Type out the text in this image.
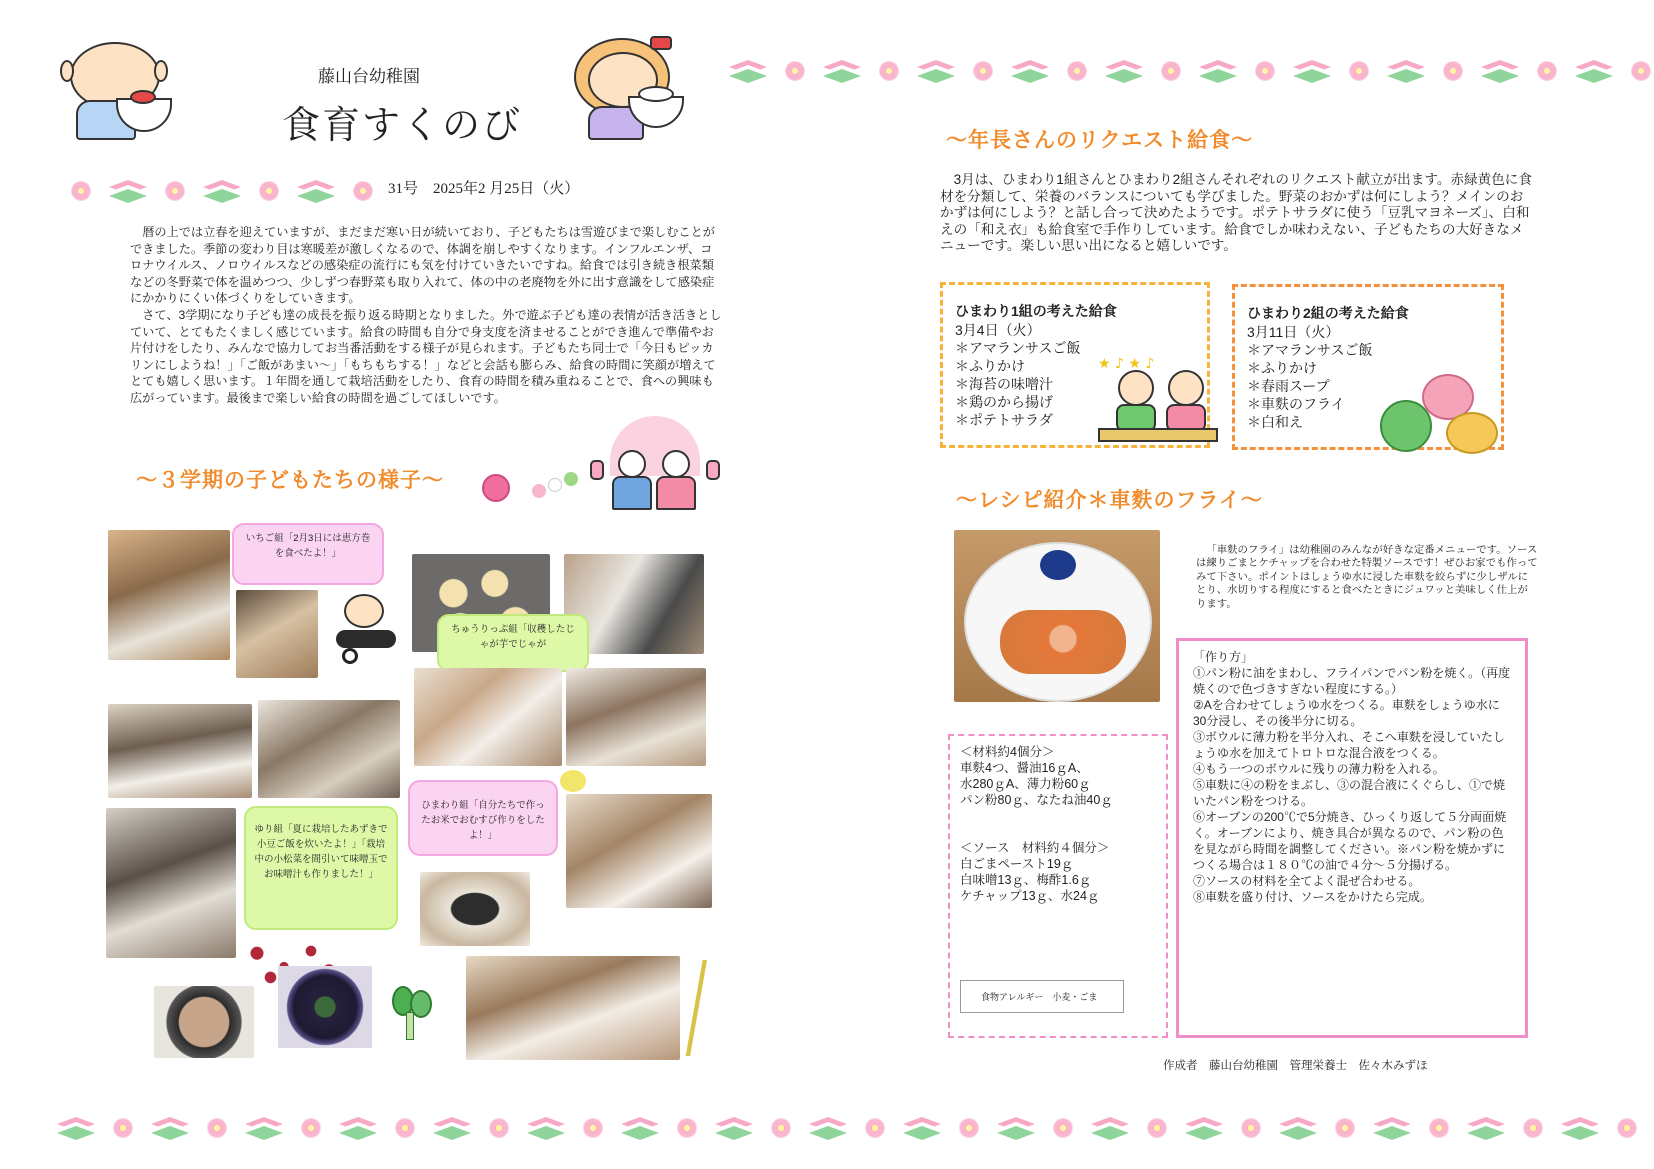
藤山台幼稚園
食育すくのび
31号　2025年2 月25日（火）

暦の上では立春を迎えていますが、まだまだ寒い日が続いており、子どもたちは雪遊びまで楽しむことができました。季節の変わり目は寒暖差が激しくなるので、体調を崩しやすくなります。インフルエンザ、コロナウイルス、ノロウイルスなどの感染症の流行にも気を付けていきたいですね。給食では引き続き根菜類などの冬野菜で体を温めつつ、少しずつ春野菜も取り入れて、体の中の老廃物を外に出す意識をして感染症にかかりにくい体づくりをしていきます。

さて、3学期になり子ども達の成長を振り返る時期となりました。外で遊ぶ子ども達の表情が活き活きとしていて、とてもたくましく感じています。給食の時間も自分で身支度を済ませることができ進んで準備やお片付けをしたり、みんなで協力してお当番活動をする様子が見られます。子どもたち同士で「今日もピッカリンにしようね！」「ご飯があまい〜」「もちもちする！」などと会話も膨らみ、給食の時間に笑顔が増えてとても嬉しく思います。１年間を通して栽培活動をしたり、食育の時間を積み重ねることで、食への興味も広がっています。最後まで楽しい給食の時間を過ごしてほしいです。

〜３学期の子どもたちの様子〜
いちご組「2月3日には恵方巻を食べたよ！」
ちゅうりっぷ組「収穫したじゃが芋でじゃが
ひまわり組「自分たちで作ったお米でおむすび作りをしたよ！」
ゆり組「夏に栽培したあずきで小豆ご飯を炊いたよ！」「栽培中の小松菜を間引いて味噌玉でお味噌汁も作りました！」
〜年長さんのリクエスト給食〜
3月は、ひまわり1組さんとひまわり2組さんそれぞれのリクエスト献立が出ます。赤緑黄色に食材を分類して、栄養のバランスについても学びました。野菜のおかずは何にしよう？メインのおかずは何にしよう？と話し合って決めたようです。ポテトサラダに使う「豆乳マヨネーズ」、白和えの「和え衣」も給食室で手作りしています。給食でしか味わえない、子どもたちの大好きなメニューです。楽しい思い出になると嬉しいです。
ひまわり1組の考えた給食
3月4日（火）
＊アマランサスご飯
＊ふりかけ
＊海苔の味噌汁
＊鶏のから揚げ
＊ポテトサラダ
★ ♪ ★ ♪
ひまわり2組の考えた給食
3月11日（火）
＊アマランサスご飯
＊ふりかけ
＊春雨スープ
＊車麩のフライ
＊白和え
〜レシピ紹介＊車麩のフライ〜
「車麩のフライ」は幼稚園のみんなが好きな定番メニューです。ソースは練りごまとケチャップを合わせた特製ソースです！ぜひお家でも作ってみて下さい。ポイントはしょうゆ水に浸した車麩を絞らずに少しザルにとり、水切りする程度にすると食べたときにジュワッと美味しく仕上がります。
＜材料約4個分＞
車麩4つ、醤油16ｇA、
水280ｇA、薄力粉60ｇ
パン粉80ｇ、なたね油40ｇ
＜ソース　材料約４個分＞
白ごまペースト19ｇ
白味噌13ｇ、梅酢1.6ｇ
ケチャップ13ｇ、水24ｇ
食物アレルギー　小麦・ごま
「作り方」
①パン粉に油をまわし、フライパンでパン粉を焼く。（再度焼くので色づきすぎない程度にする。）
②Aを合わせてしょうゆ水をつくる。車麩をしょうゆ水に30分浸し、その後半分に切る。
③ボウルに薄力粉を半分入れ、そこへ車麩を浸していたしょうゆ水を加えてトロトロな混合液をつくる。
④もう一つのボウルに残りの薄力粉を入れる。
⑤車麩に④の粉をまぶし、③の混合液にくぐらし、①で焼いたパン粉をつける。
⑥オーブンの200℃で5分焼き、ひっくり返して５分両面焼く。オーブンにより、焼き具合が異なるので、パン粉の色を見ながら時間を調整してください。※パン粉を焼かずにつくる場合は１８０℃の油で４分〜５分揚げる。
⑦ソースの材料を全てよく混ぜ合わせる。
⑧車麩を盛り付け、ソースをかけたら完成。
作成者　藤山台幼稚園　管理栄養士　佐々木みずほ
